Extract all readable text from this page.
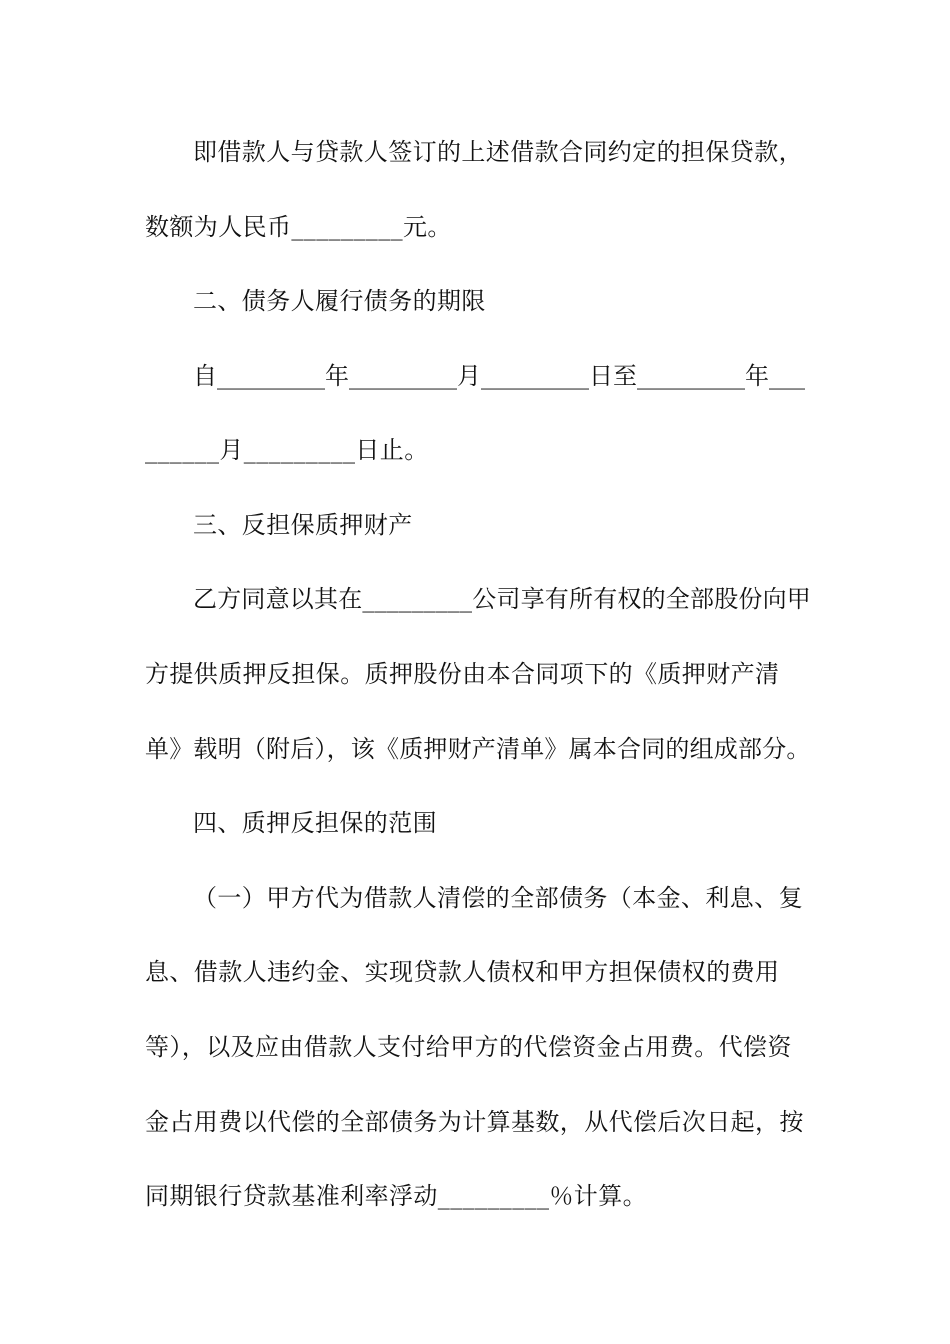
即借款人与贷款人签订的上述借款合同约定的担保贷款，
数额为人民币_________元。
二、债务人履行债务的期限
自_________年_________月_________日至_________年___
______月_________日止。
三、反担保质押财产
乙方同意以其在_________公司享有所有权的全部股份向甲
方提供质押反担保。质押股份由本合同项下的《质押财产清
单》载明（附后），该《质押财产清单》属本合同的组成部分。
四、质押反担保的范围
（一）甲方代为借款人清偿的全部债务（本金、利息、复
息、借款人违约金、实现贷款人债权和甲方担保债权的费用
等），以及应由借款人支付给甲方的代偿资金占用费。代偿资
金占用费以代偿的全部债务为计算基数，从代偿后次日起，按
同期银行贷款基准利率浮动_________％计算。
